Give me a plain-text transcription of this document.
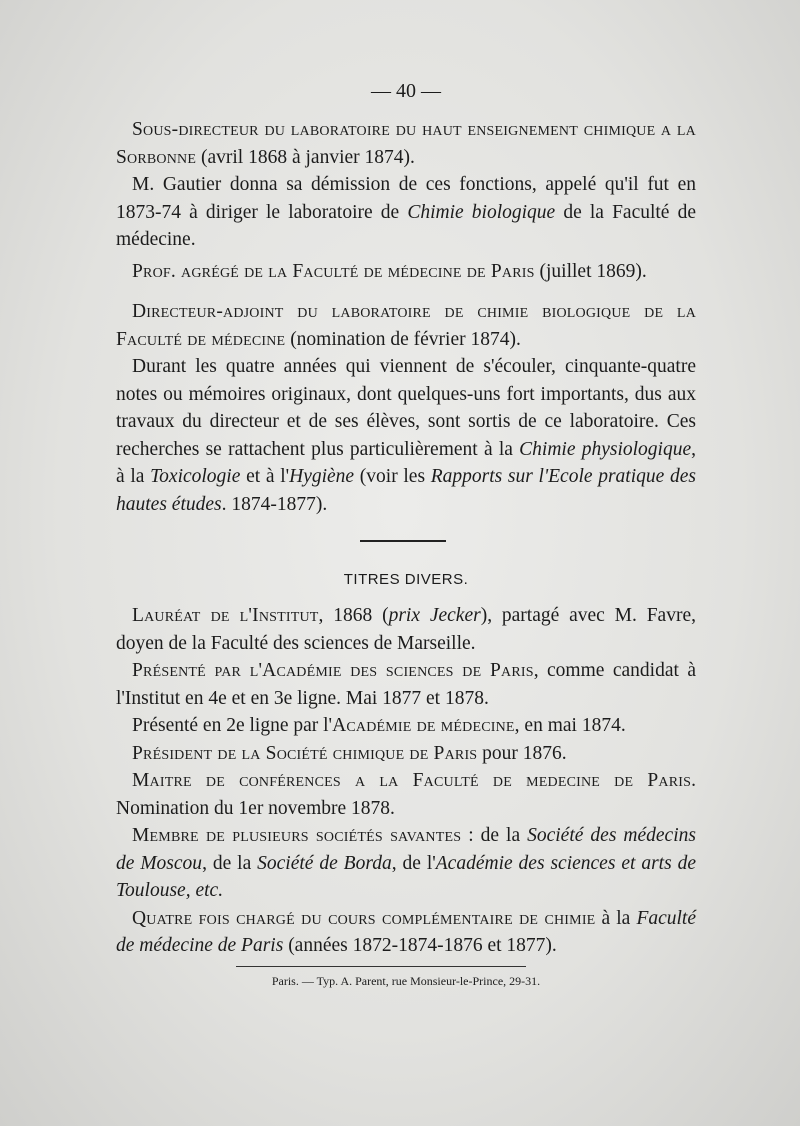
— 40 —

Sous-directeur du laboratoire du haut enseignement chimique a la Sorbonne (avril 1868 à janvier 1874).

M. Gautier donna sa démission de ces fonctions, appelé qu'il fut en 1873-74 à diriger le laboratoire de Chimie biologique de la Faculté de médecine.

Prof. agrégé de la Faculté de médecine de Paris (juillet 1869).

Directeur-adjoint du laboratoire de chimie biologique de la Faculté de médecine (nomination de février 1874).

Durant les quatre années qui viennent de s'écouler, cinquante-quatre notes ou mémoires originaux, dont quelques-uns fort importants, dus aux travaux du directeur et de ses élèves, sont sortis de ce laboratoire. Ces recherches se rattachent plus particulièrement à la Chimie physiologique, à la Toxicologie et à l'Hygiène (voir les Rapports sur l'Ecole pratique des hautes études. 1874-1877).

TITRES DIVERS.

Lauréat de l'Institut, 1868 (prix Jecker), partagé avec M. Favre, doyen de la Faculté des sciences de Marseille.

Présenté par l'Académie des sciences de Paris, comme candidat à l'Institut en 4e et en 3e ligne. Mai 1877 et 1878.

Présenté en 2e ligne par l'Académie de médecine, en mai 1874.

Président de la Société chimique de Paris pour 1876.

Maitre de conférences a la Faculté de medecine de Paris. Nomination du 1er novembre 1878.

Membre de plusieurs sociétés savantes : de la Société des médecins de Moscou, de la Société de Borda, de l'Académie des sciences et arts de Toulouse, etc.

Quatre fois chargé du cours complémentaire de chimie à la Faculté de médecine de Paris (années 1872-1874-1876 et 1877).

Paris. — Typ. A. Parent, rue Monsieur-le-Prince, 29-31.
